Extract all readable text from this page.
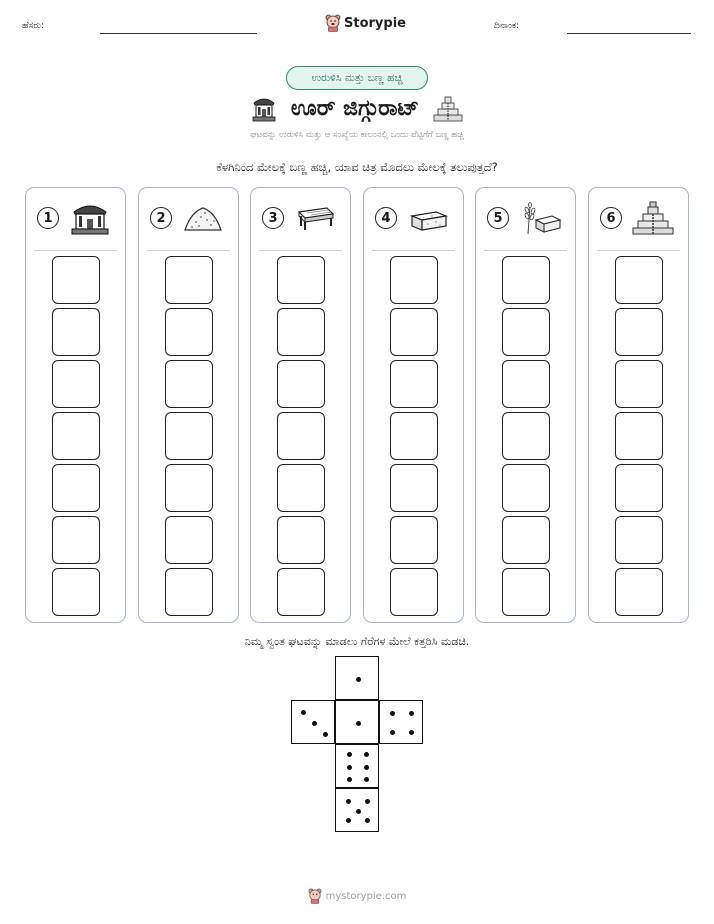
ಹೆಸರು:	Storypie	ದಿನಾಂಕ:
ಉರುಳಿಸಿ ಮತ್ತು ಬಣ್ಣ ಹಚ್ಚಿ
ಊರ್ ಜಿಗ್ಗುರಾಟ್
ಘಟವನ್ನು ಉರುಳಿಸಿ ಮತ್ತು ಆ ಸಂಖ್ಯೆಯ ಕಾಲಂನಲ್ಲಿ ಒಂದು ಪೆಟ್ಟಿಗೆಗೆ ಬಣ್ಣ ಹಚ್ಚಿ
ಕೆಳಗಿನಿಂದ ಮೇಲಕ್ಕೆ ಬಣ್ಣ ಹಚ್ಚಿ, ಯಾವ ಚಿತ್ರ ಮೊದಲು ಮೇಲಕ್ಕೆ ತಲುಪುತ್ತದೆ?
1	2	3	4	5	6
ನಿಮ್ಮ ಸ್ವಂತ ಘಟವನ್ನು ಮಾಡಲು ಗೆರೆಗಳ ಮೇಲೆ ಕತ್ತರಿಸಿ ಮಡಚಿ.
mystorypie.com
